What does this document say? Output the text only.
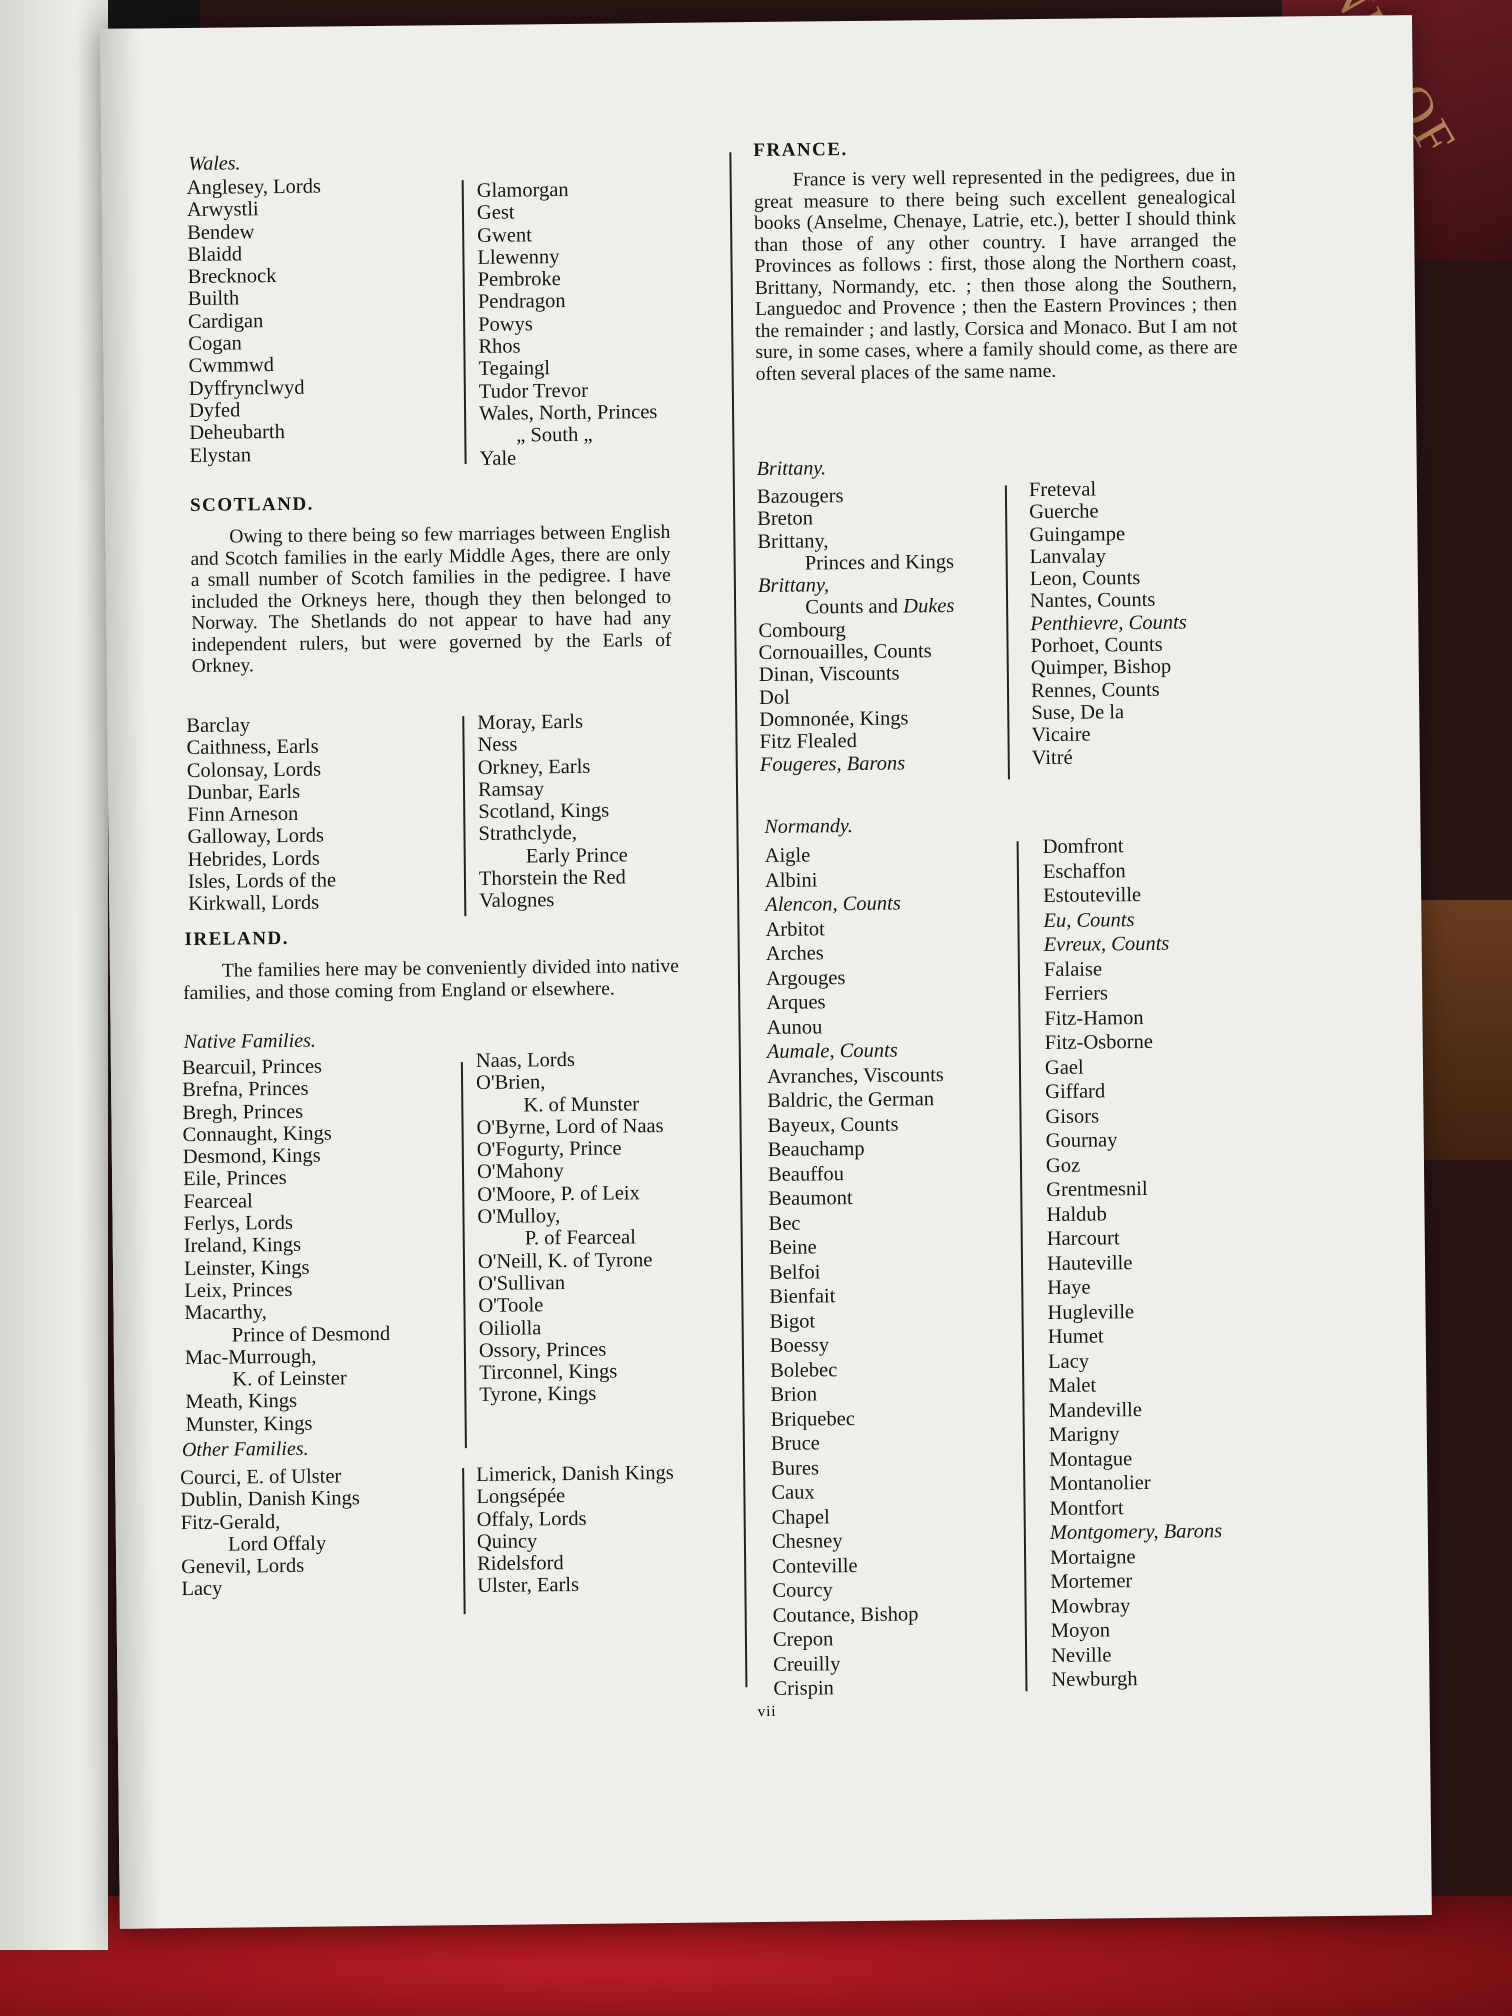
OF

Wales.

Anglesey, Lords
Arwystli
Bendew
Blaidd
Brecknock
Builth
Cardigan
Cogan
Cwmmwd
Dyffrynclwyd
Dyfed
Deheubarth
Elystan
Glamorgan
Gest
Gwent
Llewenny
Pembroke
Pendragon
Powys
Rhos
Tegaingl
Tudor Trevor
Wales, North, Princes
„ South „
Yale

SCOTLAND.

Owing to there being so few marriages between English and Scotch families in the early Middle Ages, there are only a small number of Scotch families in the pedigree. I have included the Orkneys here, though they then belonged to Norway. The Shetlands do not appear to have had any independent rulers, but were governed by the Earls of Orkney.

Barclay
Caithness, Earls
Colonsay, Lords
Dunbar, Earls
Finn Arneson
Galloway, Lords
Hebrides, Lords
Isles, Lords of the
Kirkwall, Lords
Moray, Earls
Ness
Orkney, Earls
Ramsay
Scotland, Kings
Strathclyde,
Early Prince
Thorstein the Red
Valognes

IRELAND.

The families here may be conveniently divided into native families, and those coming from England or elsewhere.

Native Families.

Bearcuil, Princes
Brefna, Princes
Bregh, Princes
Connaught, Kings
Desmond, Kings
Eile, Princes
Fearceal
Ferlys, Lords
Ireland, Kings
Leinster, Kings
Leix, Princes
Macarthy,
Prince of Desmond
Mac-Murrough,
K. of Leinster
Meath, Kings
Munster, Kings
Naas, Lords
O'Brien,
K. of Munster
O'Byrne, Lord of Naas
O'Fogurty, Prince
O'Mahony
O'Moore, P. of Leix
O'Mulloy,
P. of Fearceal
O'Neill, K. of Tyrone
O'Sullivan
O'Toole
Oiliolla
Ossory, Princes
Tirconnel, Kings
Tyrone, Kings

Other Families.

Courci, E. of Ulster
Dublin, Danish Kings
Fitz-Gerald,
Lord Offaly
Genevil, Lords
Lacy
Limerick, Danish Kings
Longsépée
Offaly, Lords
Quincy
Ridelsford
Ulster, Earls

FRANCE.

France is very well represented in the pedigrees, due in great measure to there being such excellent genealogical books (Anselme, Chenaye, Latrie, etc.), better I should think than those of any other country. I have arranged the Provinces as follows : first, those along the Northern coast, Brittany, Normandy, etc. ; then those along the Southern, Languedoc and Provence ; then the Eastern Provinces ; then the remainder ; and lastly, Corsica and Monaco. But I am not sure, in some cases, where a family should come, as there are often several places of the same name.

Brittany.

Bazougers
Breton
Brittany,
Princes and Kings
Brittany,
Counts and Dukes
Combourg
Cornouailles, Counts
Dinan, Viscounts
Dol
Domnonée, Kings
Fitz Flealed
Fougeres, Barons
Freteval
Guerche
Guingampe
Lanvalay
Leon, Counts
Nantes, Counts
Penthievre, Counts
Porhoet, Counts
Quimper, Bishop
Rennes, Counts
Suse, De la
Vicaire
Vitré

Normandy.

Aigle
Albini
Alencon, Counts
Arbitot
Arches
Argouges
Arques
Aunou
Aumale, Counts
Avranches, Viscounts
Baldric, the German
Bayeux, Counts
Beauchamp
Beauffou
Beaumont
Bec
Beine
Belfoi
Bienfait
Bigot
Boessy
Bolebec
Brion
Briquebec
Bruce
Bures
Caux
Chapel
Chesney
Conteville
Courcy
Coutance, Bishop
Crepon
Creuilly
Crispin
Domfront
Eschaffon
Estouteville
Eu, Counts
Evreux, Counts
Falaise
Ferriers
Fitz-Hamon
Fitz-Osborne
Gael
Giffard
Gisors
Gournay
Goz
Grentmesnil
Haldub
Harcourt
Hauteville
Haye
Hugleville
Humet
Lacy
Malet
Mandeville
Marigny
Montague
Montanolier
Montfort
Montgomery, Barons
Mortaigne
Mortemer
Mowbray
Moyon
Neville
Newburgh
vii
